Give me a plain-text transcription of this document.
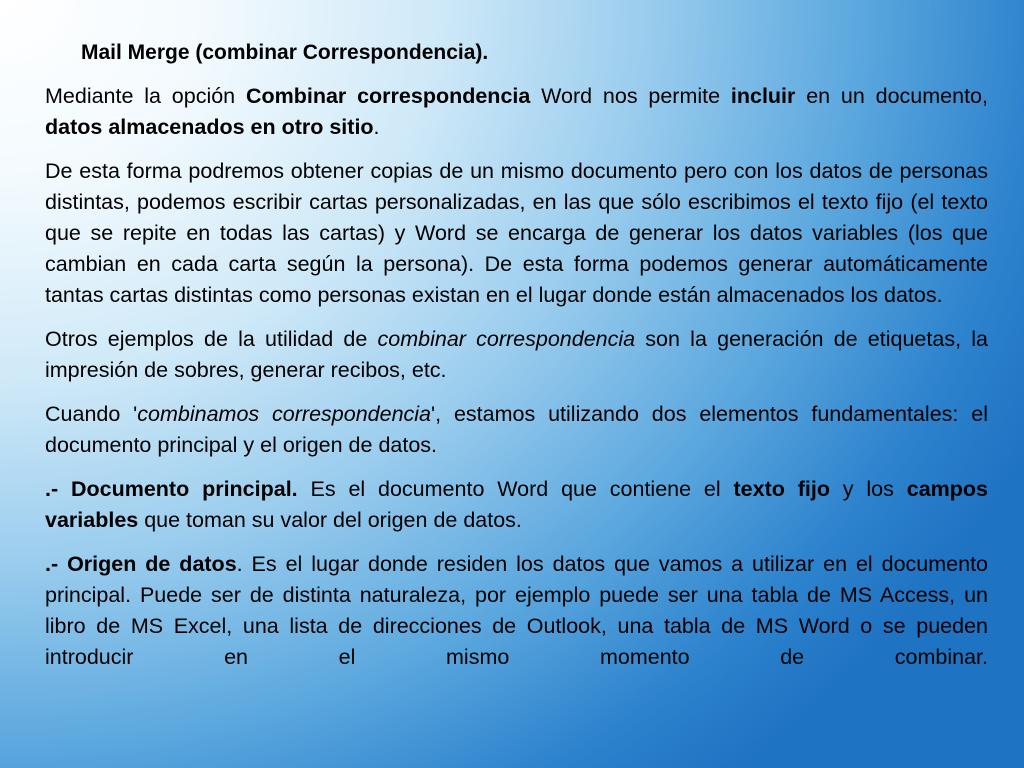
Mail Merge (combinar Correspondencia).

Mediante la opción Combinar correspondencia Word nos permite incluir en un documento, datos almacenados en otro sitio.

De esta forma podremos obtener copias de un mismo documento pero con los datos de personas distintas, podemos escribir cartas personalizadas, en las que sólo escribimos el texto fijo (el texto que se repite en todas las cartas) y Word se encarga de generar los datos variables (los que cambian en cada carta según la persona). De esta forma podemos generar automáticamente tantas cartas distintas como personas existan en el lugar donde están almacenados los datos.

Otros ejemplos de la utilidad de combinar correspondencia son la generación de etiquetas, la impresión de sobres, generar recibos, etc.

Cuando 'combinamos correspondencia', estamos utilizando dos elementos fundamentales: el documento principal y el origen de datos.

.- Documento principal. Es el documento Word que contiene el texto fijo y los campos variables que toman su valor del origen de datos.

.- Origen de datos. Es el lugar donde residen los datos que vamos a utilizar en el documento principal. Puede ser de distinta naturaleza, por ejemplo puede ser una tabla de MS Access, un libro de MS Excel, una lista de direcciones de Outlook, una tabla de MS Word o se pueden introducir en el mismo momento de combinar.
